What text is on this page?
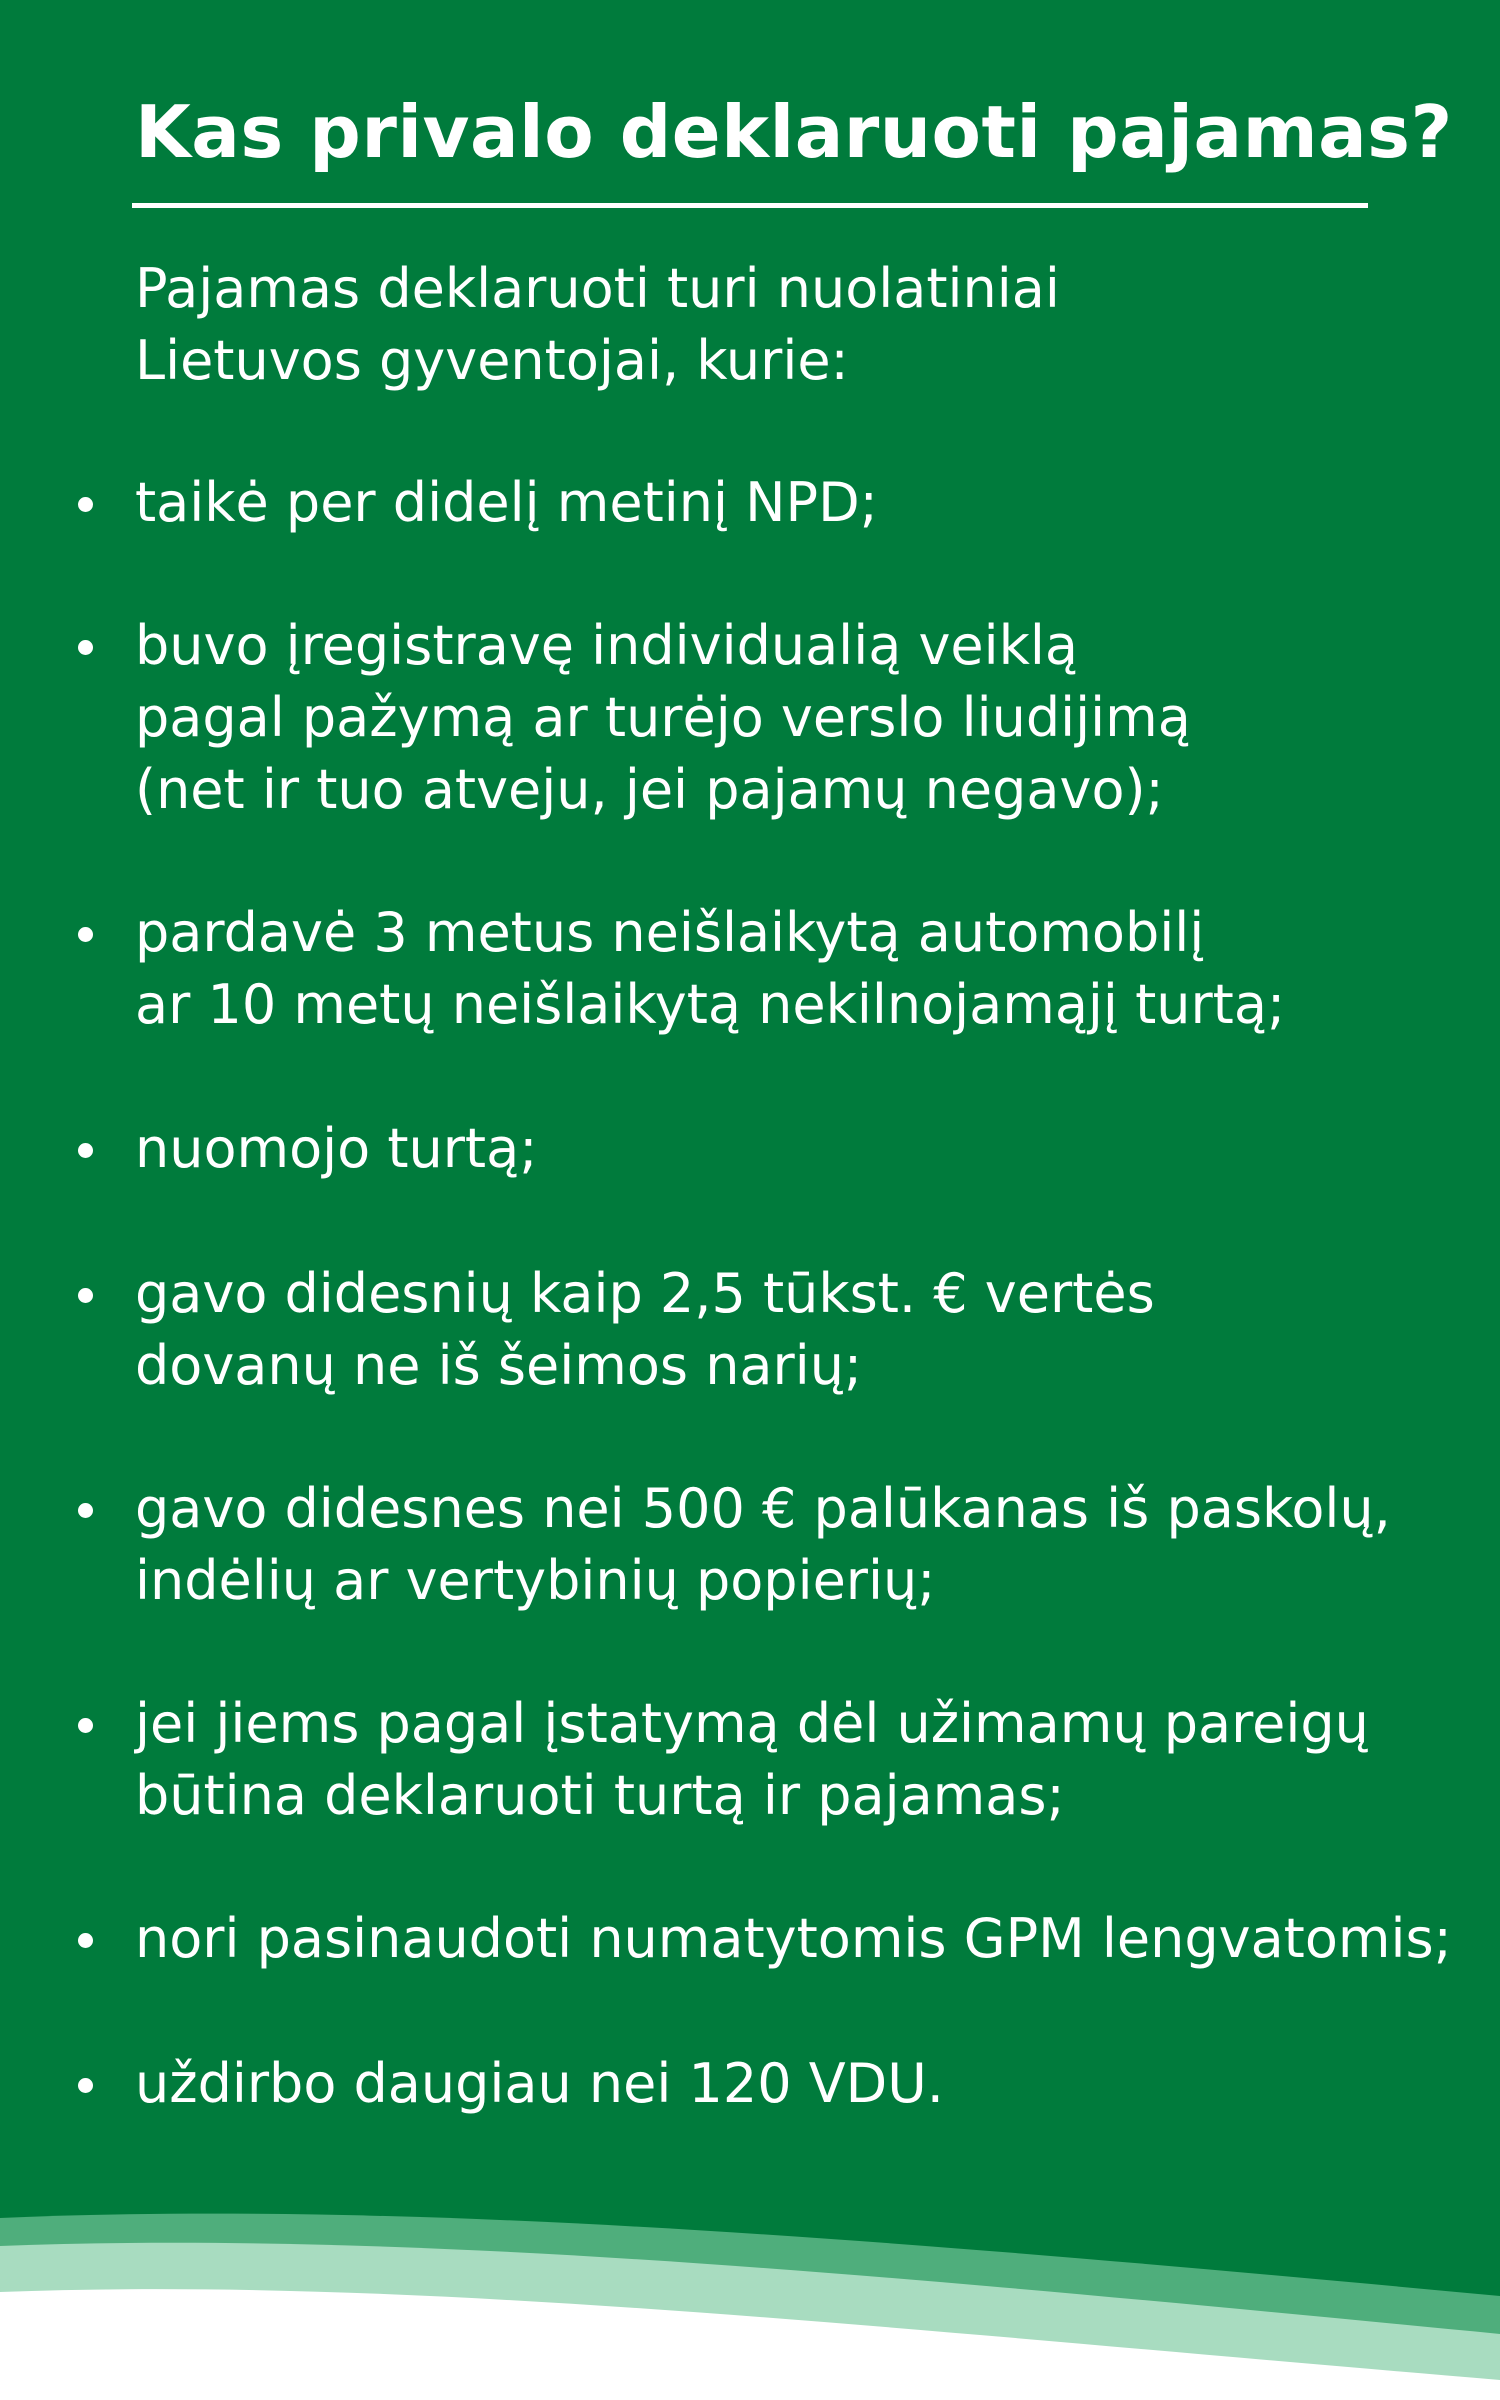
Kas privalo deklaruoti pajamas?
Pajamas deklaruoti turi nuolatiniai
Lietuvos gyventojai, kurie:
taikė per didelį metinį NPD;
buvo įregistravę individualią veiklą
pagal pažymą ar turėjo verslo liudijimą
(net ir tuo atveju, jei pajamų negavo);
pardavė 3 metus neišlaikytą automobilį
ar 10 metų neišlaikytą nekilnojamąjį turtą;
nuomojo turtą;
gavo didesnių kaip 2,5 tūkst. € vertės
dovanų ne iš šeimos narių;
gavo didesnes nei 500 € palūkanas iš paskolų,
indėlių ar vertybinių popierių;
jei jiems pagal įstatymą dėl užimamų pareigų
būtina deklaruoti turtą ir pajamas;
nori pasinaudoti numatytomis GPM lengvatomis;
uždirbo daugiau nei 120 VDU.
